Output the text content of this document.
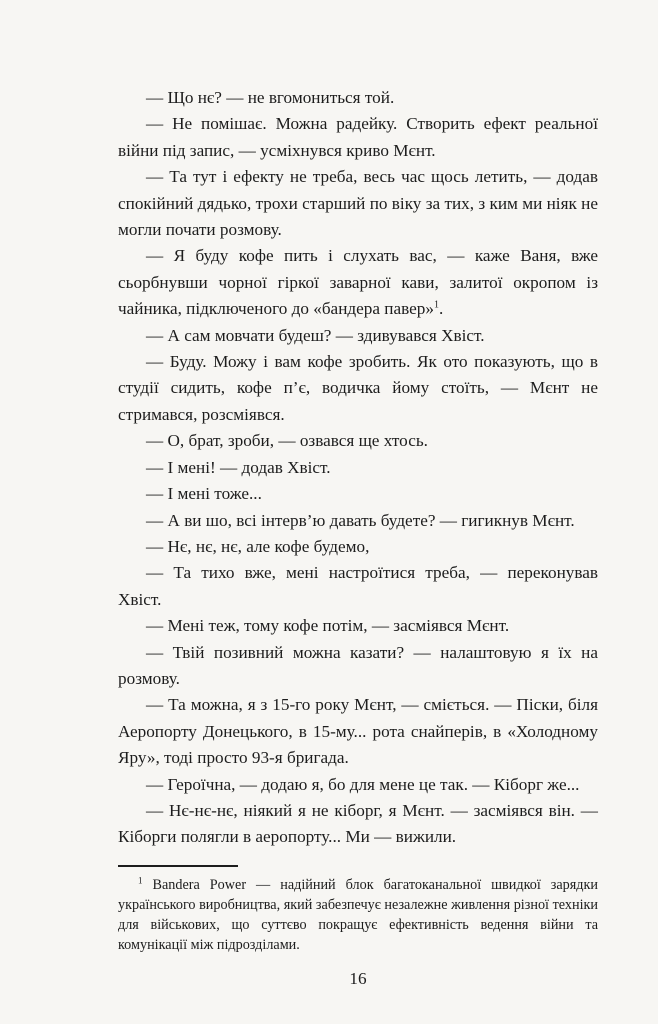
— Що нє? — не вгомониться той.

— Не помішає. Можна радейку. Створить ефект реальної війни під запис, — усміхнувся криво Мєнт.

— Та тут і ефекту не треба, весь час щось летить, — додав спокійний дядько, трохи старший по віку за тих, з ким ми ніяк не могли почати розмову.

— Я буду кофе пить і слухать вас, — каже Ваня, вже сьорбнувши чорної гіркої заварної кави, залитої окропом із чайника, підключеного до «бандера павер»$^1$.

— А сам мовчати будеш? — здивувався Хвіст.

— Буду. Можу і вам кофе зробить. Як ото показують, що в студії сидить, кофе п’є, водичка йому стоїть, — Мєнт не стримався, розсміявся.

— О, брат, зроби, — озвався ще хтось.

— І мені! — додав Хвіст.

— І мені тоже...

— А ви шо, всі інтерв’ю давать будете? — гигикнув Мєнт.

— Нє, нє, нє, але кофе будемо,

— Та тихо вже, мені настроїтися треба, — переконував Хвіст.

— Мені теж, тому кофе потім, — засміявся Мєнт.

— Твій позивний можна казати? — налаштовую я їх на розмову.

— Та можна, я з 15-го року Мєнт, — сміється. — Піски, біля Аеропорту Донецького, в 15-му... рота снайперів, в «Холодному Яру», тоді просто 93-я бригада.

— Героїчна, — додаю я, бо для мене це так. — Кіборг же...

— Нє-нє-нє, ніякий я не кіборг, я Мєнт. — засміявся він. — Кіборги полягли в аеропорту... Ми — вижили.

$^1$ Bandera Power — надійний блок багатоканальної швидкої зарядки українського виробництва, який забезпечує незалежне живлення різної техніки для військових, що суттєво покращує ефективність ведення війни та комунікації між підрозділами.

16
